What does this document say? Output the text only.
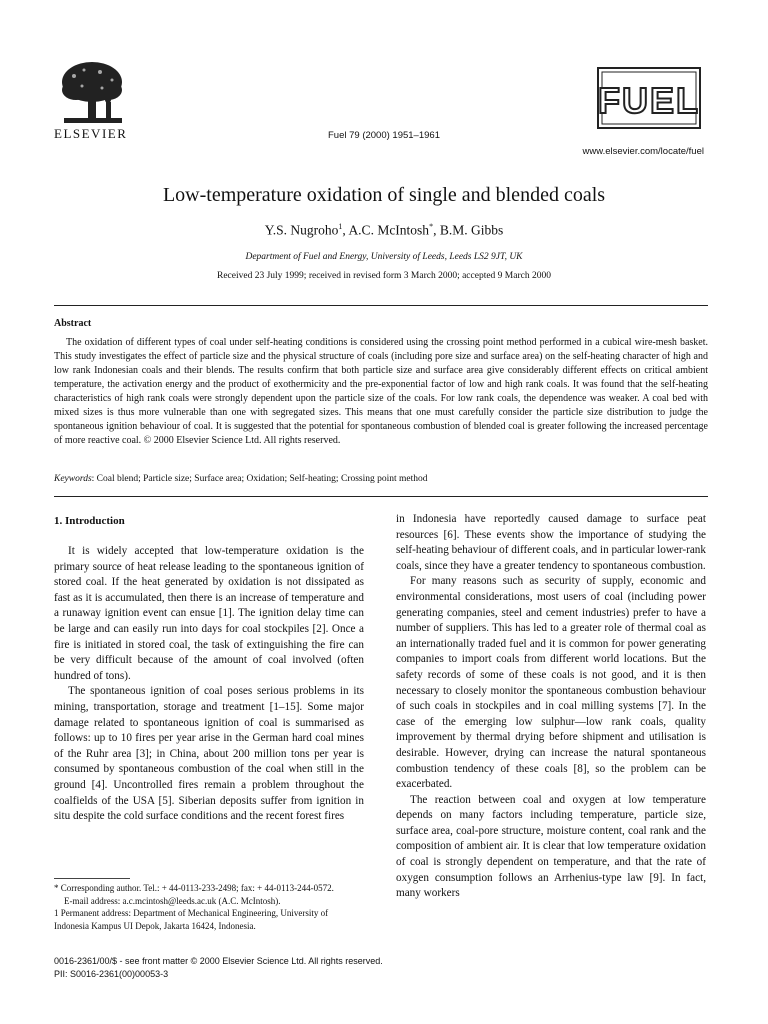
ELSEVIER	Fuel 79 (2000) 1951–1961
FUEL
www.elsevier.com/locate/fuel
Low-temperature oxidation of single and blended coals
Y.S. Nugroho$^1$, A.C. McIntosh*, B.M. Gibbs
Department of Fuel and Energy, University of Leeds, Leeds LS2 9JT, UK
Received 23 July 1999; received in revised form 3 March 2000; accepted 9 March 2000
Abstract
The oxidation of different types of coal under self-heating conditions is considered using the crossing point method performed in a cubical wire-mesh basket. This study investigates the effect of particle size and the physical structure of coals (including pore size and surface area) on the self-heating character of high and low rank Indonesian coals and their blends. The results confirm that both particle size and surface area give considerably different effects on critical ambient temperature, the activation energy and the product of exothermicity and the pre-exponential factor of low and high rank coals. It was found that the self-heating characteristics of high rank coals were strongly dependent upon the particle size of the coals. For low rank coals, the dependence was weaker. A coal bed with mixed sizes is thus more vulnerable than one with segregated sizes. This means that one must carefully consider the particle size distribution to judge the spontaneous ignition behaviour of coal. It is suggested that the potential for spontaneous combustion of blended coal is greater following the increased percentage of more reactive coal. © 2000 Elsevier Science Ltd. All rights reserved.
Keywords: Coal blend; Particle size; Surface area; Oxidation; Self-heating; Crossing point method
1. Introduction

It is widely accepted that low-temperature oxidation is the primary source of heat release leading to the spontaneous ignition of stored coal. If the heat generated by oxidation is not dissipated as fast as it is accumulated, then there is an increase of temperature and a runaway ignition event can ensue [1]. The ignition delay time can be large and can easily run into days for coal stockpiles [2]. Once a fire is initiated in stored coal, the task of extinguishing the fire can be very difficult because of the amount of coal involved (often hundred of tons).

The spontaneous ignition of coal poses serious problems in its mining, transportation, storage and treatment [1–15]. Some major damage related to spontaneous ignition of coal is summarised as follows: up to 10 fires per year arise in the German hard coal mines of the Ruhr area [3]; in China, about 200 million tons per year is consumed by spontaneous combustion of the coal when still in the ground [4]. Uncontrolled fires remain a problem throughout the coalfields of the USA [5]. Siberian deposits suffer from ignition in situ despite the cold surface conditions and the recent forest fires

in Indonesia have reportedly caused damage to surface peat resources [6]. These events show the importance of studying the self-heating behaviour of different coals, and in particular lower-rank coals, since they have a greater tendency to spontaneous combustion.

For many reasons such as security of supply, economic and environmental considerations, most users of coal (including power generating companies, steel and cement industries) prefer to have a number of suppliers. This has led to a greater role of thermal coal as an internationally traded fuel and it is common for power generating companies to import coals from different world locations. But the safety records of some of these coals is not good, and it is then necessary to closely monitor the spontaneous combustion behaviour of such coals in stockpiles and in coal milling systems [7]. In the case of the emerging low sulphur—low rank coals, quality improvement by thermal drying before shipment and utilisation is desirable. However, drying can increase the natural spontaneous combustion tendency of these coals [8], so the problem can be exacerbated.

The reaction between coal and oxygen at low temperature depends on many factors including temperature, particle size, surface area, coal-pore structure, moisture content, coal rank and the composition of ambient air. It is clear that low temperature oxidation of coal is strongly dependent on temperature, and that the rate of oxygen consumption follows an Arrhenius-type law [9]. In fact, many workers

* Corresponding author. Tel.: + 44-0113-233-2498; fax: + 44-0113-244-0572.

E-mail address: a.c.mcintosh@leeds.ac.uk (A.C. McIntosh).

1 Permanent address: Department of Mechanical Engineering, University of Indonesia Kampus UI Depok, Jakarta 16424, Indonesia.

0016-2361/00/$ - see front matter © 2000 Elsevier Science Ltd. All rights reserved.
PII: S0016-2361(00)00053-3
